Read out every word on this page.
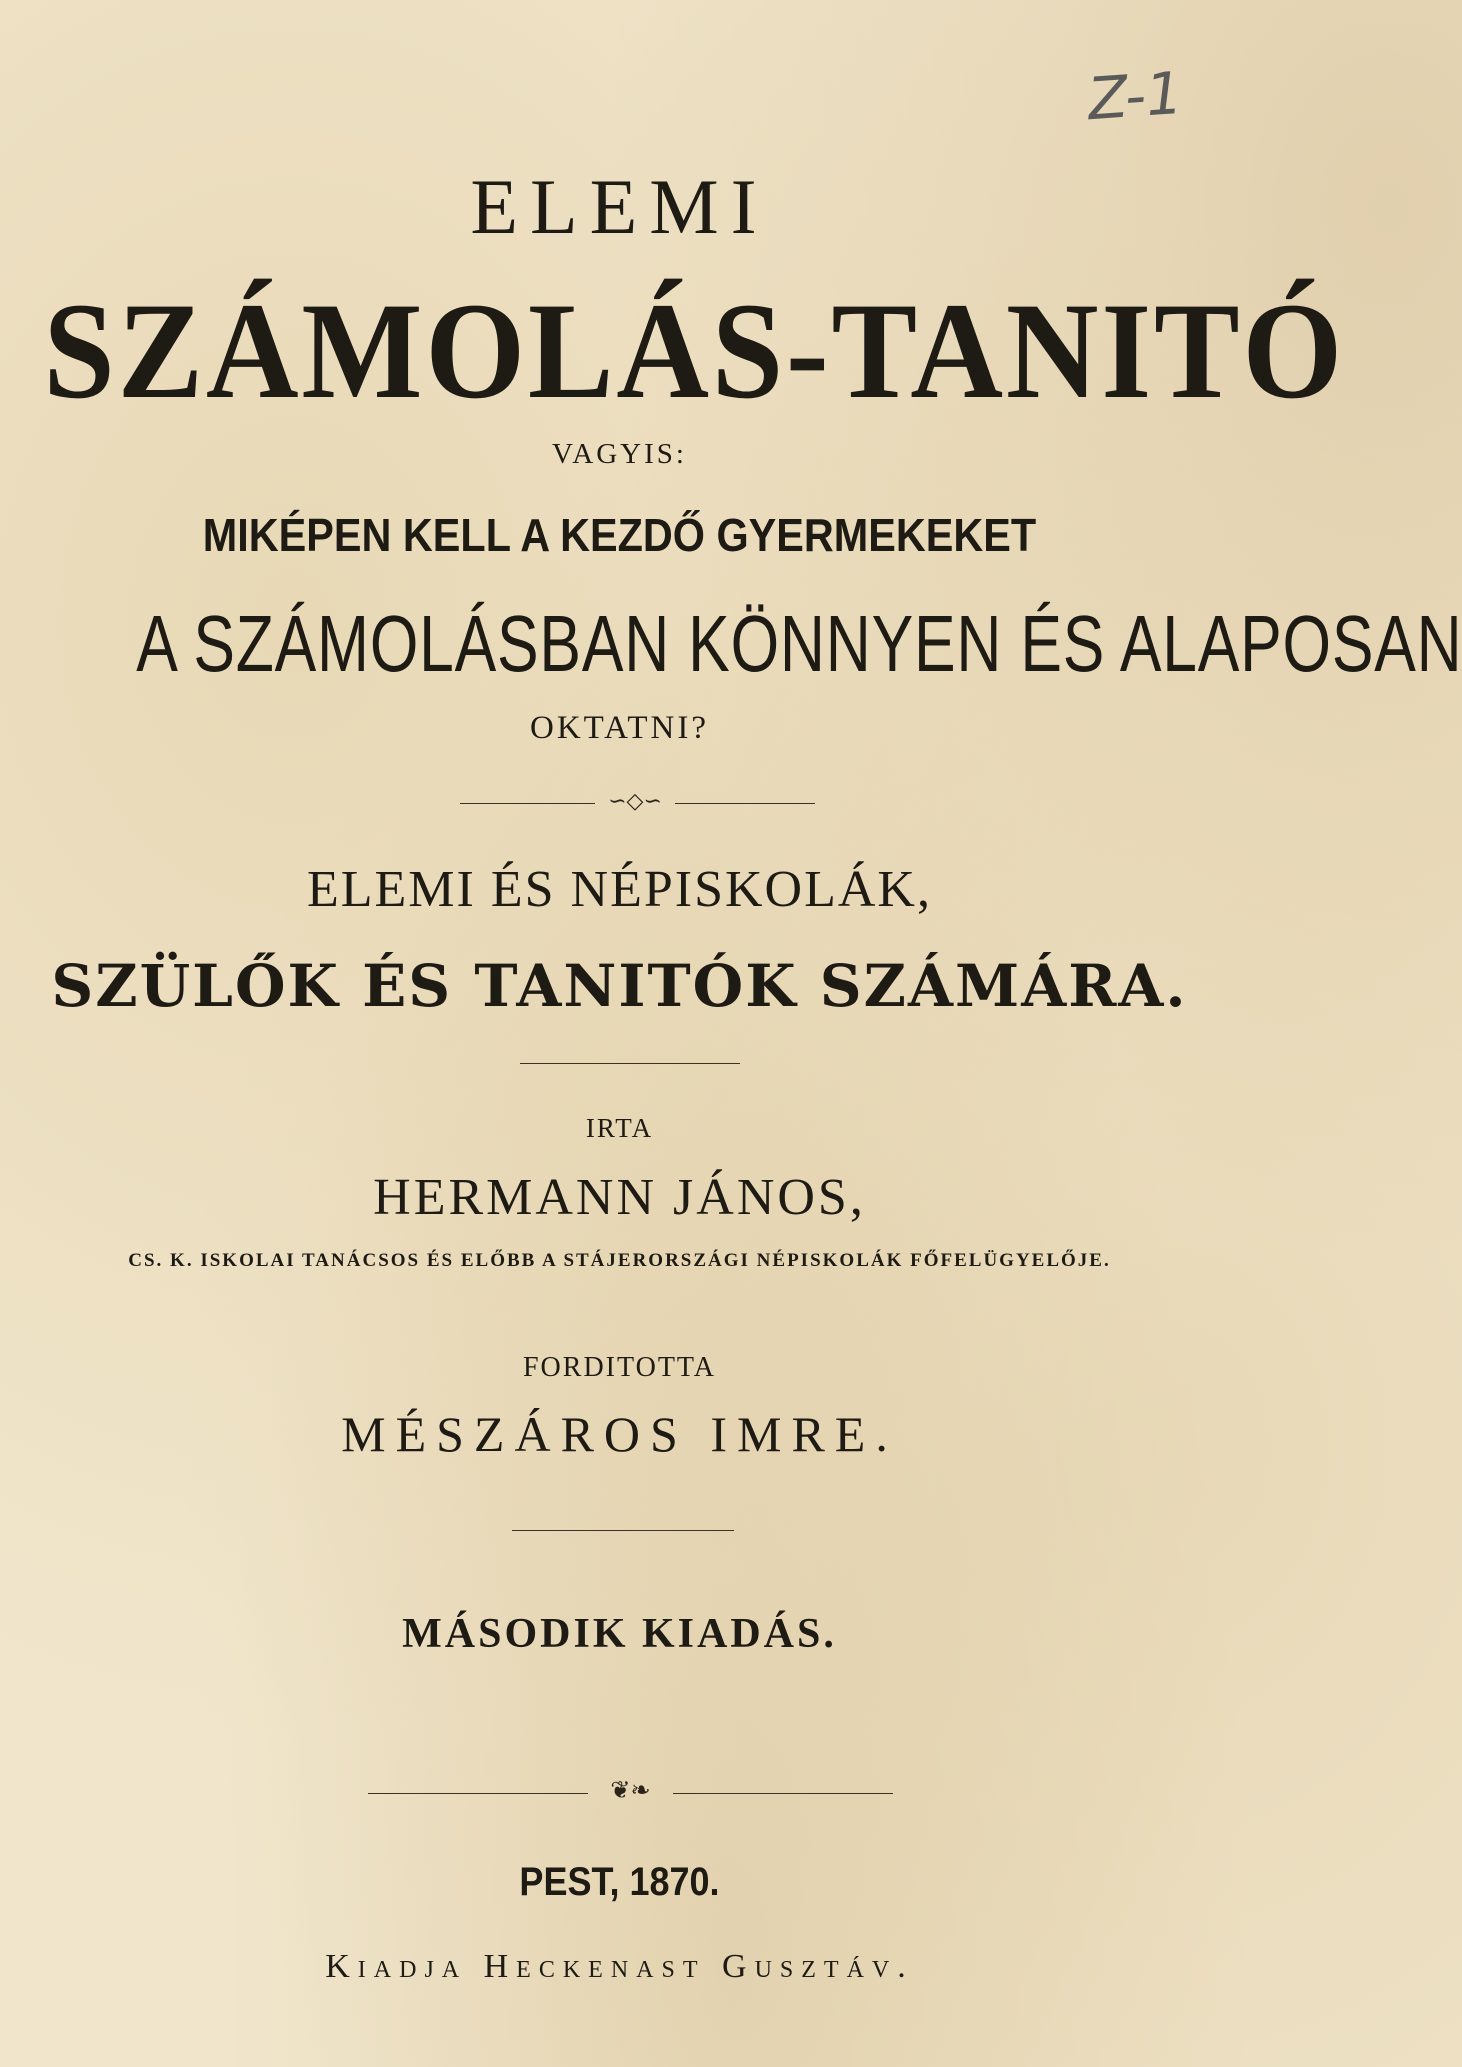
Z-1
ELEMI
SZÁMOLÁS-TANITÓ
VAGYIS:
MIKÉPEN KELL A KEZDŐ GYERMEKEKET
A SZÁMOLÁSBAN KÖNNYEN ÉS ALAPOSAN
OKTATNI?
∽◇∽
ELEMI ÉS NÉPISKOLÁK,
SZÜLŐK ÉS TANITÓK SZÁMÁRA.
IRTA
HERMANN JÁNOS,
CS. K. ISKOLAI TANÁCSOS ÉS ELŐBB A STÁJERORSZÁGI NÉPISKOLÁK FŐFELÜGYELŐJE.
FORDITOTTA
MÉSZÁROS IMRE.
MÁSODIK KIADÁS.
❦❧
PEST, 1870.
Kiadja Heckenast Gusztáv.
